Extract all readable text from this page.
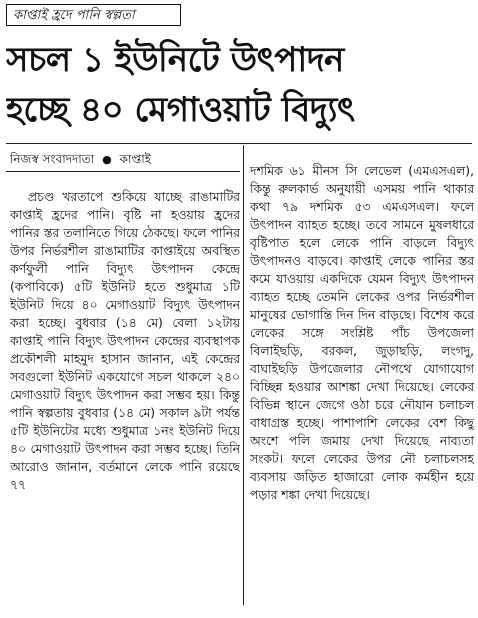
কাপ্তাই হ্রদে পানি স্বল্পতা
সচল ১ ইউনিটে উৎপাদন
হচ্ছে ৪০ মেগাওয়াট বিদ্যুৎ
নিজস্ব সংবাদদাতা ● কাপ্তাই

প্রচণ্ড খরতাপে শুকিয়ে যাচ্ছে রাঙামাটির কাপ্তাই হ্রদের পানি। বৃষ্টি না হওয়ায় হ্রদের পানির স্তর তলানিতে গিয়ে ঠেকছে। ফলে পানির উপর নির্ভরশীল রাঙামাটির কাপ্তাইয়ে অবস্থিত কর্ণফুলী পানি বিদ্যুৎ উৎপাদন কেন্দ্রে (কপাবিকে) ৫টি ইউনিট হতে শুধুমাত্র ১টি ইউনিট দিয়ে ৪০ মেগাওয়াট বিদ্যুৎ উৎপাদন করা হচ্ছে। বুধবার (১৪ মে) বেলা ১২টায় কাপ্তাই পানি বিদ্যুৎ উৎপাদন কেন্দ্রের ব্যবস্থাপক প্রকৌশলী মাহমুদ হাসান জানান, এই কেন্দ্রের সবগুলো ইউনিট একযোগে সচল থাকলে ২৪০ মেগাওয়াট বিদ্যুৎ উৎপাদন করা সম্ভব হয়। কিন্তু পানি স্বল্পতায় বুধবার (১৪ মে) সকাল ৯টা পর্যন্ত ৫টি ইউনিটের মধ্যে শুধুমাত্র ১নং ইউনিট দিয়ে ৪০ মেগাওয়াট উৎপাদন করা সম্ভব হচ্ছে। তিনি আরোও জানান, বর্তমানে লেকে পানি রয়েছে ৭৭

দশমিক ৬১ মীনস সি লেভেল (এমএসএল), কিন্তু রুলকার্ভ অনুযায়ী এসময় পানি থাকার কথা ৭৯ দশমিক ৫৩ এমএসএল। ফলে উৎপাদন ব্যাহত হচ্ছে। তবে সামনে মুষলধারে বৃষ্টিপাত হলে লেকে পানি বাড়লে বিদ্যুৎ উৎপাদনও বাড়বে। কাপ্তাই লেকে পানির স্তর কমে যাওয়ায় একদিকে যেমন বিদ্যুৎ উৎপাদন ব্যাহত হচ্ছে তেমনি লেকের ওপর নির্ভরশীল মানুষের ভোগান্তি দিন দিন বাড়ছে। বিশেষ করে লেকের সঙ্গে সংশ্লিষ্ট পাঁচ উপজেলা বিলাইছড়ি, বরকল, জুড়াছড়ি, লংগদু, বাঘাইছড়ি উপজেলার নৌপথে যোগাযোগ বিচ্ছিন্ন হওয়ার আশঙ্কা দেখা দিয়েছে। লেকের বিভিন্ন স্থানে জেগে ওঠা চরে নৌযান চলাচল বাধাগ্রস্ত হচ্ছে। পাশাপাশি লেকের বেশ কিছু অংশে পলি জমায় দেখা দিয়েছে নাব্যতা সংকট। ফলে লেকের উপর নৌ চলাচলসহ ব্যবসায় জড়িত হাজারো লোক কর্মহীন হয়ে পড়ার শঙ্কা দেখা দিয়েছে।
